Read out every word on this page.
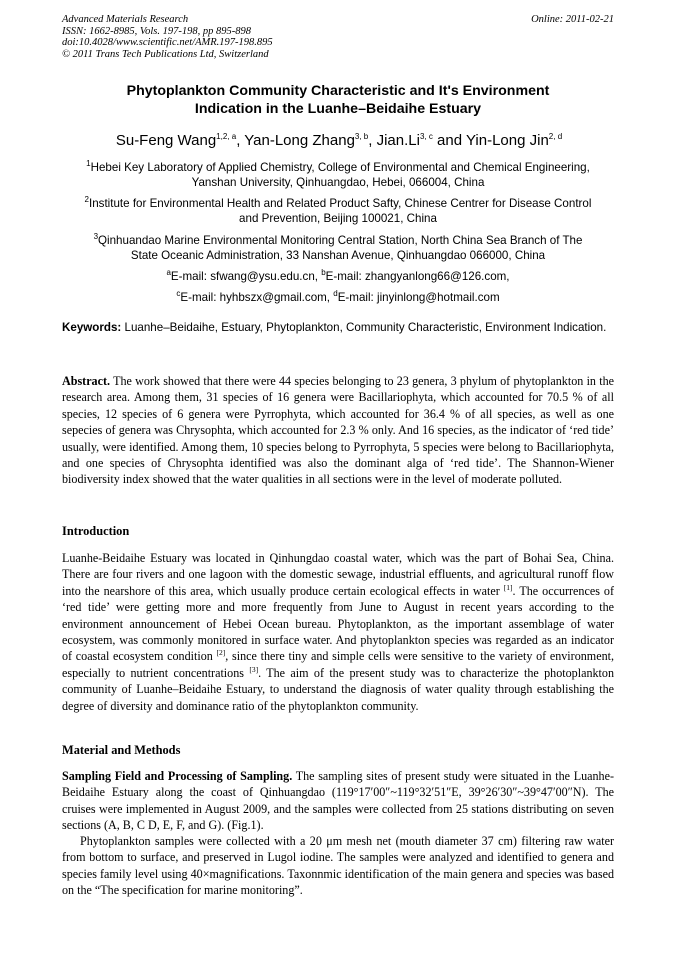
Advanced Materials Research
ISSN: 1662-8985, Vols. 197-198, pp 895-898
doi:10.4028/www.scientific.net/AMR.197-198.895
© 2011 Trans Tech Publications Ltd, Switzerland
Online: 2011-02-21
Phytoplankton Community Characteristic and It's Environment
Indication in the Luanhe–Beidaihe Estuary
Su-Feng Wang$^{1,2, a}$, Yan-Long Zhang$^{3, b}$, Jian.Li$^{3, c}$ and Yin-Long Jin$^{2, d}$
$^1$Hebei Key Laboratory of Applied Chemistry, College of Environmental and Chemical Engineering,
Yanshan University, Qinhuangdao, Hebei, 066004, China
$^2$Institute for Environmental Health and Related Product Safty, Chinese Centrer for Disease Control
and Prevention, Beijing 100021, China
$^3$Qinhuandao Marine Environmental Monitoring Central Station, North China Sea Branch of The
State Oceanic Administration, 33 Nanshan Avenue, Qinhuangdao 066000, China
$^a$E-mail: sfwang@ysu.edu.cn, $^b$E-mail: zhangyanlong66@126.com,
$^c$E-mail: hyhbszx@gmail.com, $^d$E-mail: jinyinlong@hotmail.com
Keywords: Luanhe–Beidaihe, Estuary, Phytoplankton, Community Characteristic, Environment Indication.
Abstract. The work showed that there were 44 species belonging to 23 genera, 3 phylum of phytoplankton in the research area. Among them, 31 species of 16 genera were Bacillariophyta, which accounted for 70.5 % of all species, 12 species of 6 genera were Pyrrophyta, which accounted for 36.4 % of all species, as well as one sepecies of genera was Chrysophta, which accounted for 2.3 % only. And 16 species, as the indicator of ‘red tide’ usually, were identified. Among them, 10 species belong to Pyrrophyta, 5 species were belong to Bacillariophyta, and one species of Chrysophta identified was also the dominant alga of ‘red tide’. The Shannon-Wiener biodiversity index showed that the water qualities in all sections were in the level of moderate polluted.
Introduction
Luanhe-Beidaihe Estuary was located in Qinhungdao coastal water, which was the part of Bohai Sea, China. There are four rivers and one lagoon with the domestic sewage, industrial effluents, and agricultural runoff flow into the nearshore of this area, which usually produce certain ecological effects in water [1]. The occurrences of ‘red tide’ were getting more and more frequently from June to August in recent years according to the environment announcement of Hebei Ocean bureau. Phytoplankton, as the important assemblage of water ecosystem, was commonly monitored in surface water. And phytoplankton species was regarded as an indicator of coastal ecosystem condition [2], since there tiny and simple cells were sensitive to the variety of environment, especially to nutrient concentrations [3]. The aim of the present study was to characterize the photoplankton community of Luanhe–Beidaihe Estuary, to understand the diagnosis of water quality through establishing the degree of diversity and dominance ratio of the phytoplankton community.
Material and Methods
Sampling Field and Processing of Sampling. The sampling sites of present study were situated in the Luanhe-Beidaihe Estuary along the coast of Qinhuangdao (119°17′00″~119°32′51″E, 39°26′30″~39°47′00″N). The cruises were implemented in August 2009, and the samples were collected from 25 stations distributing on seven sections (A, B, C D, E, F, and G). (Fig.1).
Phytoplankton samples were collected with a 20 μm mesh net (mouth diameter 37 cm) filtering raw water from bottom to surface, and preserved in Lugol iodine. The samples were analyzed and identified to genera and species family level using 40×magnifications. Taxonnmic identification of the main genera and species was based on the “The specification for marine monitoring”.
